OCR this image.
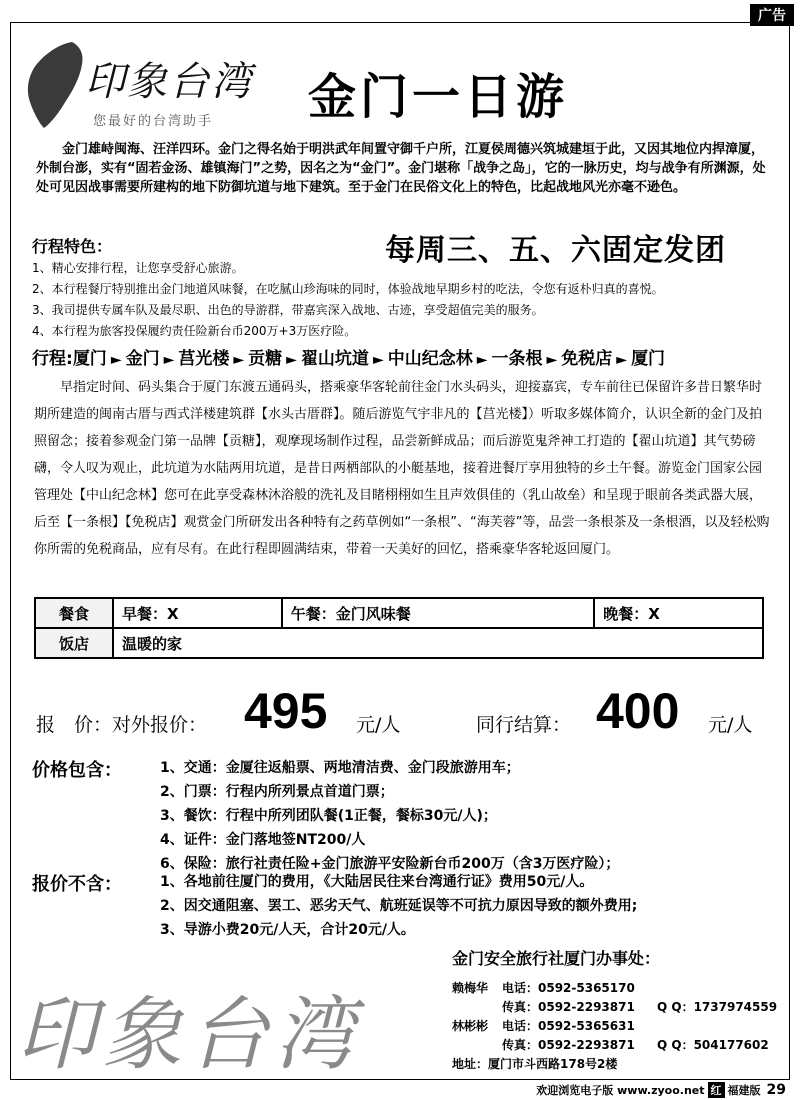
广告
印象台湾
您最好的台湾助手 金门一日游

金门雄峙闽海、汪洋四环。金门之得名始于明洪武年间置守御千户所，江夏侯周德兴筑城建垣于此，又因其地位内捍漳厦，外制台澎，实有“固若金汤、雄镇海门”之势，因名之为“金门”。金门堪称「战争之岛」，它的一脉历史，均与战争有所渊源，处处可见因战事需要所建构的地下防御坑道与地下建筑。至于金门在民俗文化上的特色，比起战地风光亦毫不逊色。

行程特色：	每周三、五、六固定发团
1、精心安排行程，让您享受舒心旅游。
2、本行程餐厅特别推出金门地道风味餐，在吃腻山珍海味的同时，体验战地早期乡村的吃法，令您有返朴归真的喜悦。
3、我司提供专属车队及最尽职、出色的导游群，带嘉宾深入战地、古迹，享受超值完美的服务。
4、本行程为旅客投保履约责任险新台币200万+3万医疗险。
行程:厦门 ► 金门 ► 莒光楼 ► 贡糖 ► 翟山坑道 ► 中山纪念林 ► 一条根 ► 免税店 ► 厦门

早指定时间、码头集合于厦门东渡五通码头，搭乘豪华客轮前往金门水头码头，迎接嘉宾，专车前往已保留许多昔日繁华时期所建造的闽南古厝与西式洋楼建筑群【水头古厝群】。随后游览气宇非凡的【莒光楼】）听取多媒体简介，认识全新的金门及拍照留念；接着参观金门第一品牌【贡糖】，观摩现场制作过程，品尝新鲜成品；而后游览鬼斧神工打造的【翟山坑道】其气势磅礴，令人叹为观止，此坑道为水陆两用坑道，是昔日两栖部队的小艇基地，接着进餐厅享用独特的乡土午餐。游览金门国家公园管理处【中山纪念林】您可在此享受森林沐浴般的洗礼及目睹栩栩如生且声效俱佳的（乳山故垒）和呈现于眼前各类武器大展，后至【一条根】【免税店】观赏金门所研发出各种特有之药草例如“一条根”、“海芙蓉”等，品尝一条根茶及一条根酒，以及轻松购你所需的免税商品，应有尽有。在此行程即圆满结束，带着一天美好的回忆，搭乘豪华客轮返回厦门。

餐食	早餐：X	午餐：金门风味餐	晚餐：X
饭店	温暖的家		
报　价：对外报价： 495 元/人	同行结算： 400 元/人
价格包含：	1、交通：金厦往返船票、两地清洁费、金门段旅游用车；
2、门票：行程内所列景点首道门票；
3、餐饮：行程中所列团队餐(1正餐，餐标30元/人)；
4、证件：金门落地签NT200/人
6、保险：旅行社责任险+金门旅游平安险新台币200万（含3万医疗险）；
报价不含：	1、各地前往厦门的费用，《大陆居民往来台湾通行证》费用50元/人。
2、因交通阻塞、罢工、恶劣天气、航班延误等不可抗力原因导致的额外费用;
3、导游小费20元/人天，合计20元/人。
印象台湾
金门安全旅行社厦门办事处：
赖梅华 电话：0592-5365170
传真：0592-2293871 Q Q：1737974559
林彬彬 电话：0592-5365631
传真：0592-2293871 Q Q：504177602
地址：厦门市斗西路178号2楼
欢迎浏览电子版 www.zyoo.net 红 福建版 29
